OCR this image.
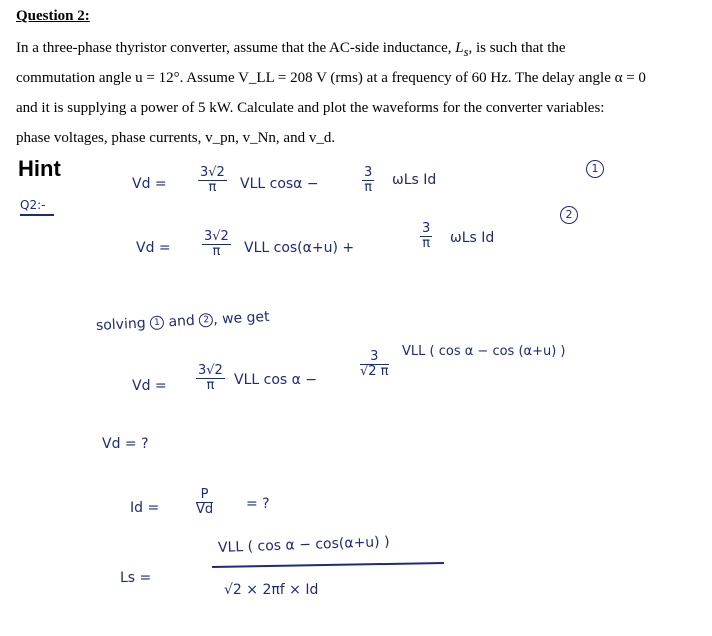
Question 2:
In a three-phase thyristor converter, assume that the AC-side inductance, $L_s$, is such that the
commutation angle u = 12°. Assume V_LL = 208 V (rms) at a frequency of 60 Hz. The delay angle α = 0
and it is supplying a power of 5 kW. Calculate and plot the waveforms for the converter variables:
phase voltages, phase currents, v_pn, v_Nn, and v_d.
Hint
Q2:-
$Vd = \frac{3√2}{\pi}$ VLL cosα −	$\frac{3}{\pi}$ ωLs Id
1
$Vd = \frac{3√2}{\pi}$ VLL cos(α+u) +	$\frac{3}{\pi}$ ωLs Id
2
solving 1 and 2 , we get
$Vd = \frac{3√2}{\pi}$ VLL cos α −
$\frac{3}{√2 \pi}$ VLL ( cos α − cos (α+u) )
Vd = ?
Id =	$\frac{P}{Vd}$ = ?
Ls =
VLL ( cos α − cos(α+u) )
√2 × 2πf × Id
